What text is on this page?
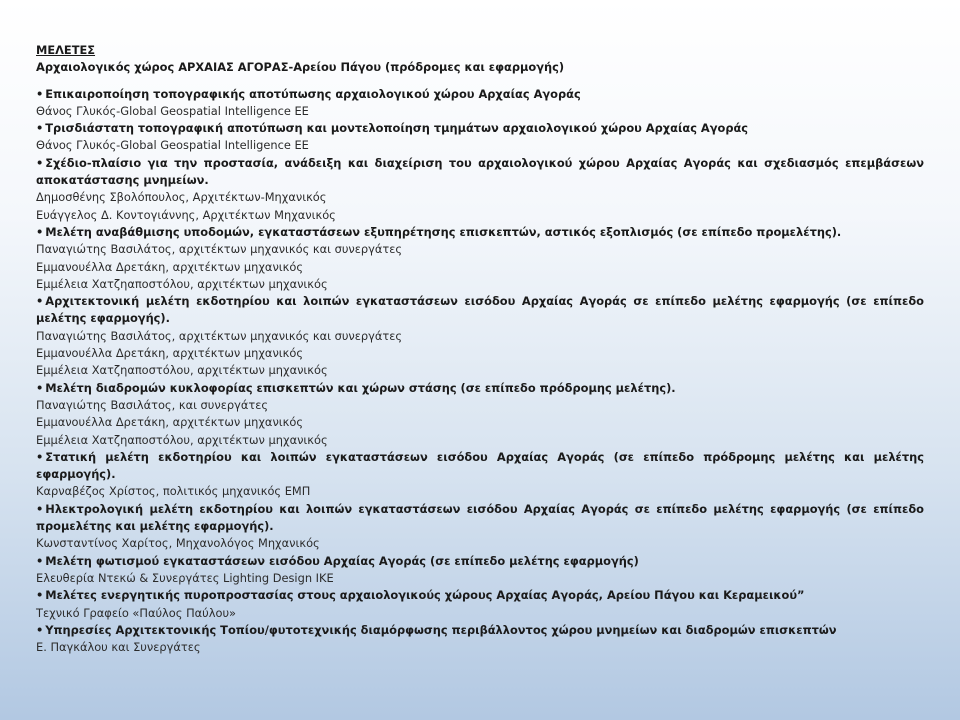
ΜΕΛΕΤΕΣ
Αρχαιολογικός χώρος ΑΡΧΑΙΑΣ ΑΓΟΡΑΣ-Αρείου Πάγου (πρόδρομες και εφαρμογής)
• Επικαιροποίηση τοπογραφικής αποτύπωσης αρχαιολογικού χώρου Αρχαίας Αγοράς
Θάνος Γλυκός-Global Geospatial Intelligence ΕΕ
• Τρισδιάστατη τοπογραφική αποτύπωση και μοντελοποίηση τμημάτων αρχαιολογικού χώρου Αρχαίας Αγοράς
Θάνος Γλυκός-Global Geospatial Intelligence ΕΕ
• Σχέδιο-πλαίσιο για την προστασία, ανάδειξη και διαχείριση του αρχαιολογικού χώρου Αρχαίας Αγοράς και σχεδιασμός επεμβάσεων αποκατάστασης μνημείων.
Δημοσθένης Σβολόπουλος, Αρχιτέκτων-Μηχανικός
Ευάγγελος Δ. Κοντογιάννης, Αρχιτέκτων Μηχανικός
• Μελέτη αναβάθμισης υποδομών, εγκαταστάσεων εξυπηρέτησης επισκεπτών, αστικός εξοπλισμός (σε επίπεδο προμελέτης).
Παναγιώτης Βασιλάτος, αρχιτέκτων μηχανικός και συνεργάτες
Εμμανουέλλα Δρετάκη, αρχιτέκτων μηχανικός
Εμμέλεια Χατζηαποστόλου, αρχιτέκτων μηχανικός
• Αρχιτεκτονική μελέτη εκδοτηρίου και λοιπών εγκαταστάσεων εισόδου Αρχαίας Αγοράς σε επίπεδο μελέτης εφαρμογής (σε επίπεδο μελέτης εφαρμογής).
Παναγιώτης Βασιλάτος, αρχιτέκτων μηχανικός και συνεργάτες
Εμμανουέλλα Δρετάκη, αρχιτέκτων μηχανικός
Εμμέλεια Χατζηαποστόλου, αρχιτέκτων μηχανικός
• Μελέτη διαδρομών κυκλοφορίας επισκεπτών και χώρων στάσης (σε επίπεδο πρόδρομης μελέτης).
Παναγιώτης Βασιλάτος, και συνεργάτες
Εμμανουέλλα Δρετάκη, αρχιτέκτων μηχανικός
Εμμέλεια Χατζηαποστόλου, αρχιτέκτων μηχανικός
• Στατική μελέτη εκδοτηρίου και λοιπών εγκαταστάσεων εισόδου Αρχαίας Αγοράς (σε επίπεδο πρόδρομης μελέτης και μελέτης εφαρμογής).
Καρναβέζος Χρίστος, πολιτικός μηχανικός ΕΜΠ
• Ηλεκτρολογική μελέτη εκδοτηρίου και λοιπών εγκαταστάσεων εισόδου Αρχαίας Αγοράς σε επίπεδο μελέτης εφαρμογής (σε επίπεδο προμελέτης και μελέτης εφαρμογής).
Κωνσταντίνος Χαρίτος, Μηχανολόγος Μηχανικός
• Μελέτη φωτισμού εγκαταστάσεων εισόδου Αρχαίας Αγοράς (σε επίπεδο μελέτης εφαρμογής)
Ελευθερία Ντεκώ & Συνεργάτες Lighting Design ΙΚΕ
• Μελέτες ενεργητικής πυροπροστασίας στους αρχαιολογικούς χώρους Αρχαίας Αγοράς, Αρείου Πάγου και Κεραμεικού”
Τεχνικό Γραφείο «Παύλος Παύλου»
• Υπηρεσίες Αρχιτεκτονικής Τοπίου/φυτοτεχνικής διαμόρφωσης περιβάλλοντος χώρου μνημείων και διαδρομών επισκεπτών
Ε. Παγκάλου και Συνεργάτες
